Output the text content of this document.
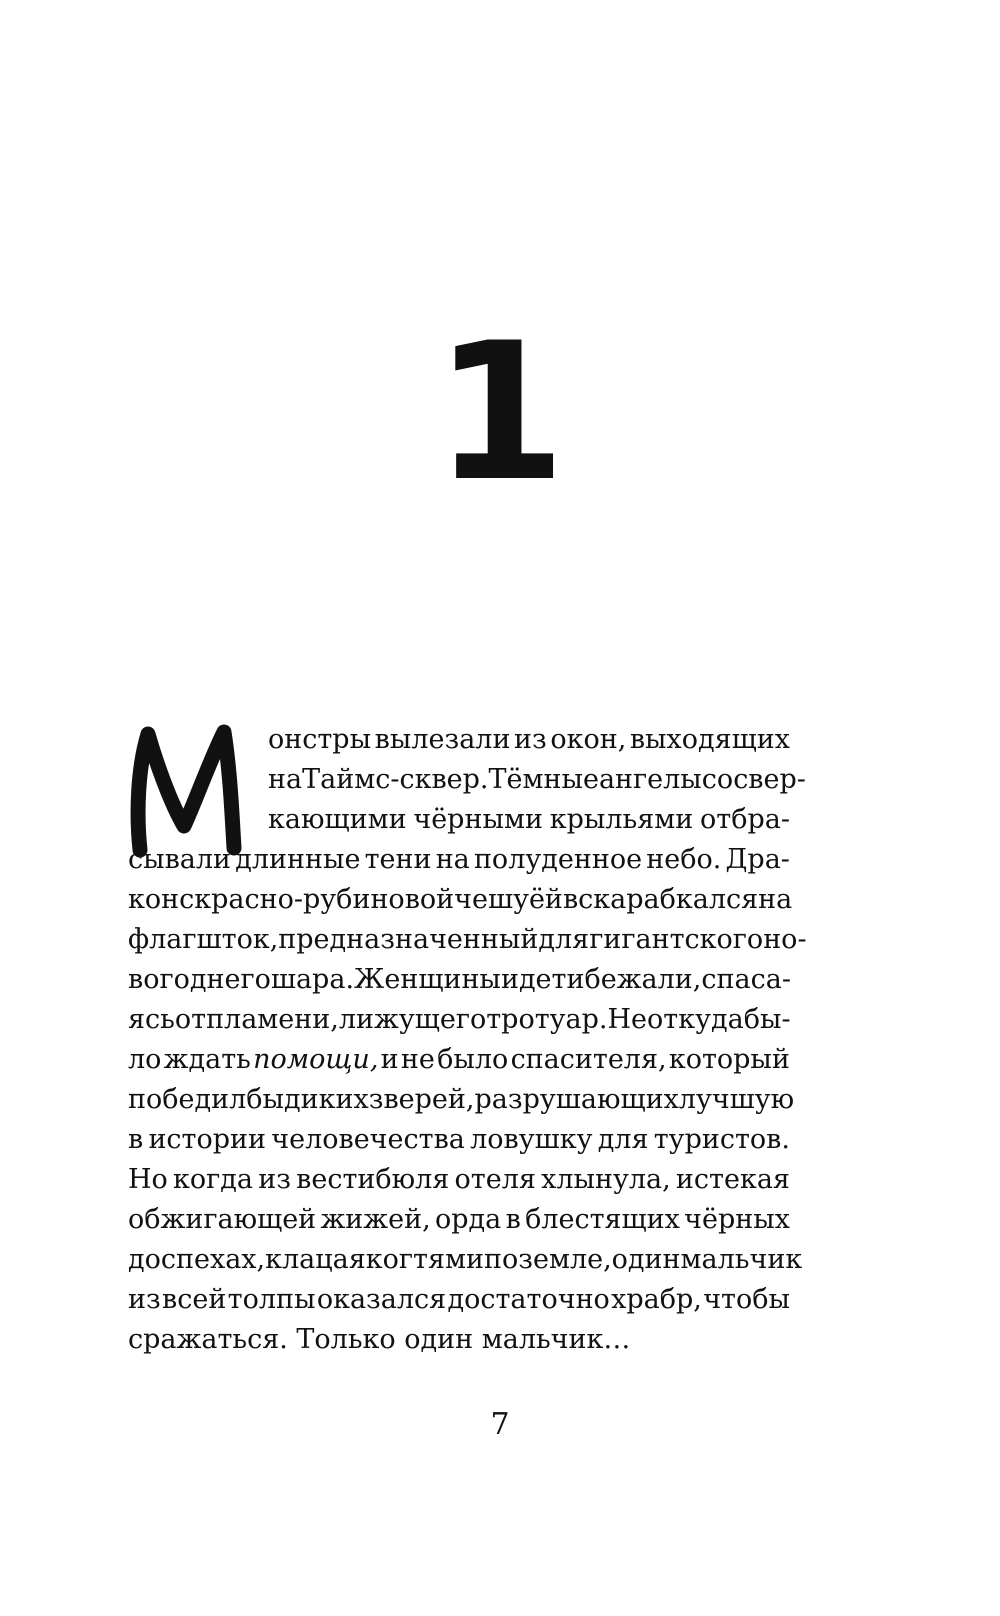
1
онстры вылезали из окон, выходящих
на Таймс-сквер. Тёмные ангелы со свер-
кающими чёрными крыльями отбра-
сывали длинные тени на полуденное небо. Дра-
кон с красно-рубиновой чешуёй вскарабкался на
флагшток, предназначенный для гигантского но-
вогоднего шара. Женщины и дети бежали, спаса-
ясь от пламени, лижущего тротуар. Неоткуда бы-
ло ждать помощи, и не было спасителя, который
победил бы диких зверей, разрушающих лучшую
в истории человечества ловушку для туристов.
Но когда из вестибюля отеля хлынула, истекая
обжигающей жижей, орда в блестящих чёрных
доспехах, клацая когтями по земле, один мальчик
из всей толпы оказался достаточно храбр, чтобы
сражаться.
Только
один
мальчик…
7
